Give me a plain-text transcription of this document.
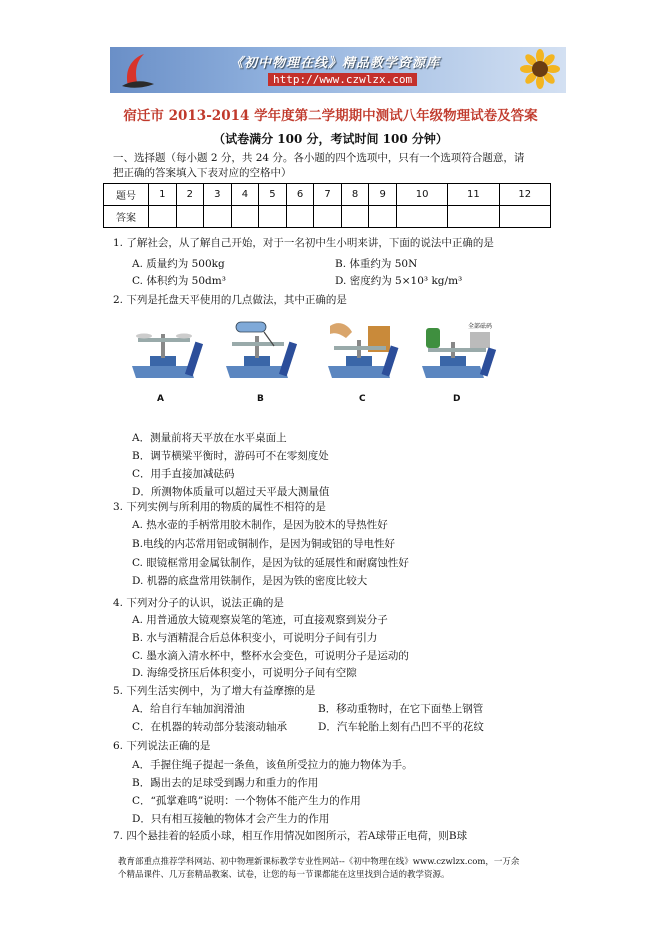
《初中物理在线》精品教学资源库
http://www.czwlzx.com
宿迁市 2013-2014 学年度第二学期期中测试八年级物理试卷及答案
（试卷满分 100 分，考试时间 100 分钟）
一、选择题（每小题 2 分，共 24 分。各小题的四个选项中，只有一个选项符合题意，请
把正确的答案填入下表对应的空格中）
题号	1	2	3	4	5	6	7	8	9	10	11	12
答案												
1. 了解社会，从了解自己开始，对于一名初中生小明来讲，下面的说法中正确的是
A. 质量约为 500kg	B. 体重约为 50N
C. 体积约为 50dm³	D. 密度约为 5×10³ kg/m³
2. 下列是托盘天平使用的几点做法，其中正确的是
全部砝码
A	B	C	D
A．测量前将天平放在水平桌面上
B．调节横梁平衡时，游码可不在零刻度处
C．用手直接加减砝码
D．所测物体质量可以超过天平最大测量值
3. 下列实例与所利用的物质的属性不相符的是
A. 热水壶的手柄常用胶木制作，是因为胶木的导热性好
B.电线的内芯常用铝或铜制作，是因为铜或铝的导电性好
C. 眼镜框常用金属钛制作，是因为钛的延展性和耐腐蚀性好
D. 机器的底盘常用铁制作，是因为铁的密度比较大
4. 下列对分子的认识，说法正确的是
A. 用普通放大镜观察炭笔的笔迹，可直接观察到炭分子
B. 水与酒精混合后总体积变小，可说明分子间有引力
C. 墨水滴入清水杯中，整杯水会变色，可说明分子是运动的
D. 海绵受挤压后体积变小，可说明分子间有空隙
5. 下列生活实例中，为了增大有益摩擦的是
A．给自行车轴加润滑油	B．移动重物时，在它下面垫上钢管
C．在机器的转动部分装滚动轴承	D．汽车轮胎上刻有凸凹不平的花纹
6. 下列说法正确的是
A．手握住绳子提起一条鱼，该鱼所受拉力的施力物体为手。
B．踢出去的足球受到踢力和重力的作用
C．“孤掌难鸣”说明：一个物体不能产生力的作用
D．只有相互接触的物体才会产生力的作用
7. 四个悬挂着的轻质小球，相互作用情况如图所示，若A球带正电荷，则B球
教育部重点推荐学科网站、初中物理新课标教学专业性网站--《初中物理在线》www.czwlzx.com，一万余
个精品课件、几万套精品教案、试卷，让您的每一节课都能在这里找到合适的教学资源。
